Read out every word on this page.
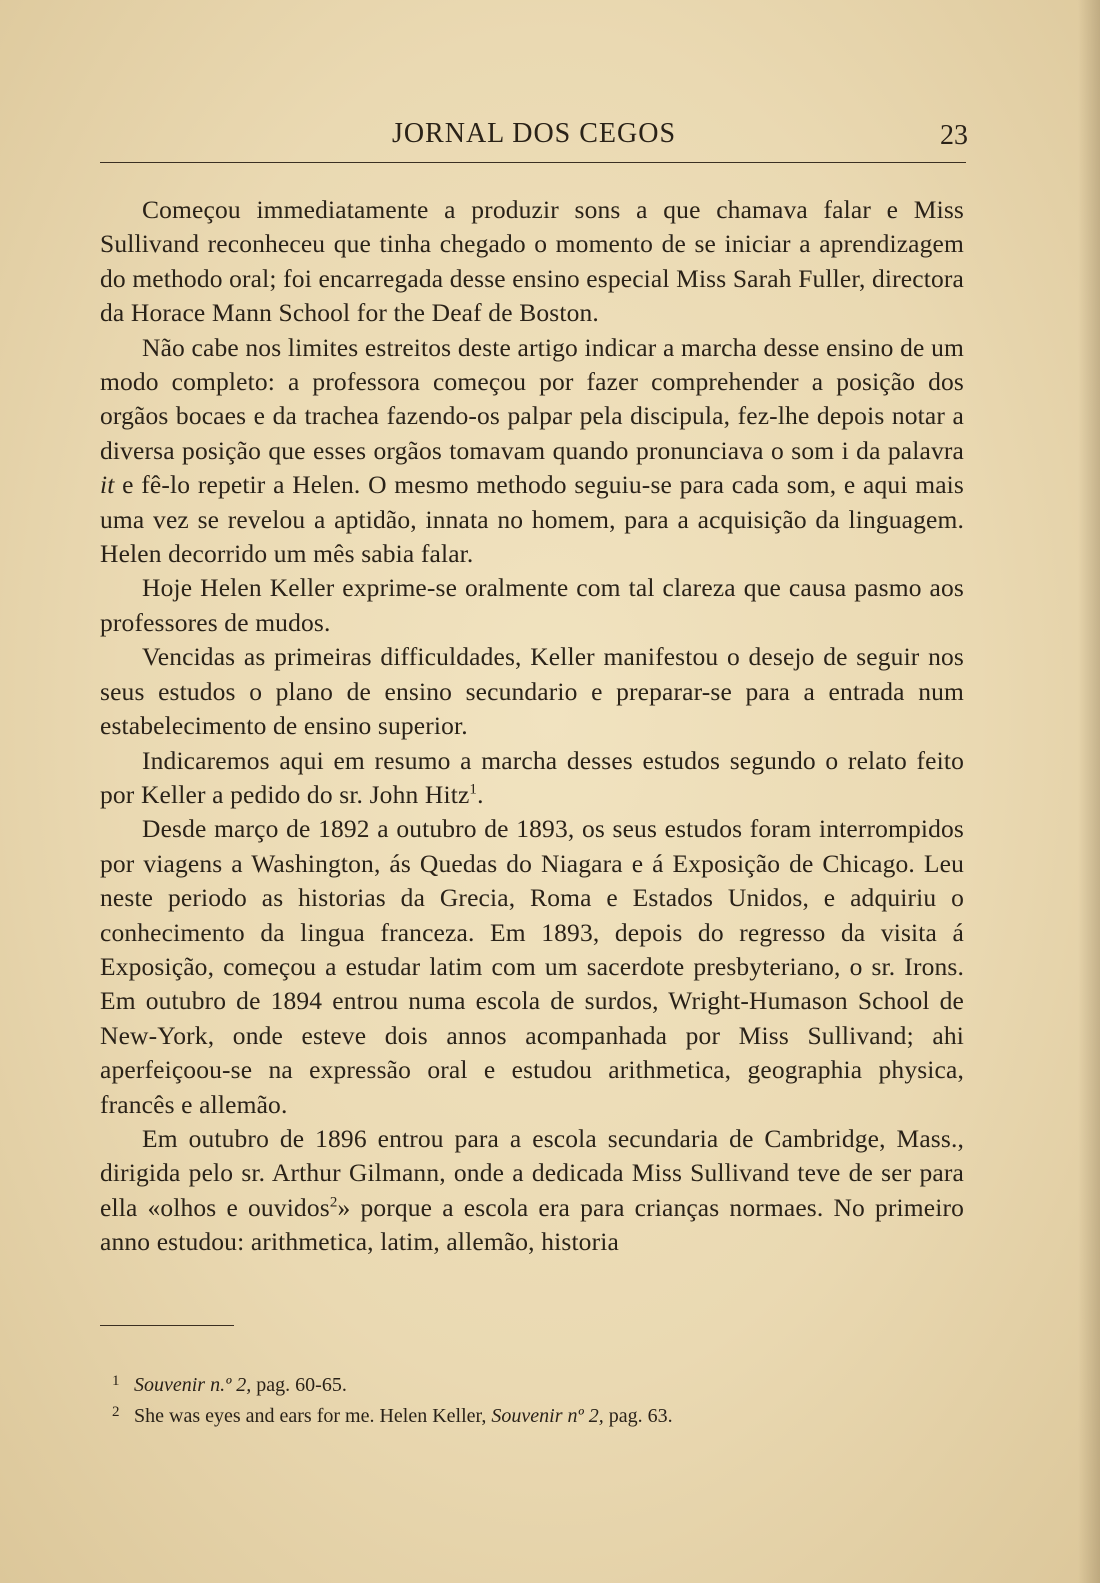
JORNAL DOS CEGOS	23

Começou immediatamente a produzir sons a que chamava falar e Miss Sullivand reconheceu que tinha chegado o momento de se iniciar a aprendizagem do methodo oral; foi encarregada desse ensino especial Miss Sarah Fuller, directora da Horace Mann School for the Deaf de Boston.

Não cabe nos limites estreitos deste artigo indicar a marcha desse ensino de um modo completo: a professora começou por fazer comprehender a posição dos orgãos bocaes e da trachea fazendo-os palpar pela discipula, fez-lhe depois notar a diversa posição que esses orgãos tomavam quando pronunciava o som i da palavra it e fê-lo repetir a Helen. O mesmo methodo seguiu-se para cada som, e aqui mais uma vez se revelou a aptidão, innata no homem, para a acquisição da linguagem. Helen decorrido um mês sabia falar.

Hoje Helen Keller exprime-se oralmente com tal clareza que causa pasmo aos professores de mudos.

Vencidas as primeiras difficuldades, Keller manifestou o desejo de seguir nos seus estudos o plano de ensino secundario e preparar-se para a entrada num estabelecimento de ensino superior.

Indicaremos aqui em resumo a marcha desses estudos segundo o relato feito por Keller a pedido do sr. John Hitz$^1$.

Desde março de 1892 a outubro de 1893, os seus estudos foram interrompidos por viagens a Washington, ás Quedas do Niagara e á Exposição de Chicago. Leu neste periodo as historias da Grecia, Roma e Estados Unidos, e adquiriu o conhecimento da lingua franceza. Em 1893, depois do regresso da visita á Exposição, começou a estudar latim com um sacerdote presbyteriano, o sr. Irons. Em outubro de 1894 entrou numa escola de surdos, Wright-Humason School de New-York, onde esteve dois annos acompanhada por Miss Sullivand; ahi aperfeiçoou-se na expressão oral e estudou arithmetica, geographia physica, francês e allemão.

Em outubro de 1896 entrou para a escola secundaria de Cambridge, Mass., dirigida pelo sr. Arthur Gilmann, onde a dedicada Miss Sullivand teve de ser para ella «olhos e ouvidos$^2$» porque a escola era para crianças normaes. No primeiro anno estudou: arithmetica, latim, allemão, historia

1 Souvenir n.º 2, pag. 60-65.

2 She was eyes and ears for me. Helen Keller, Souvenir nº 2, pag. 63.
